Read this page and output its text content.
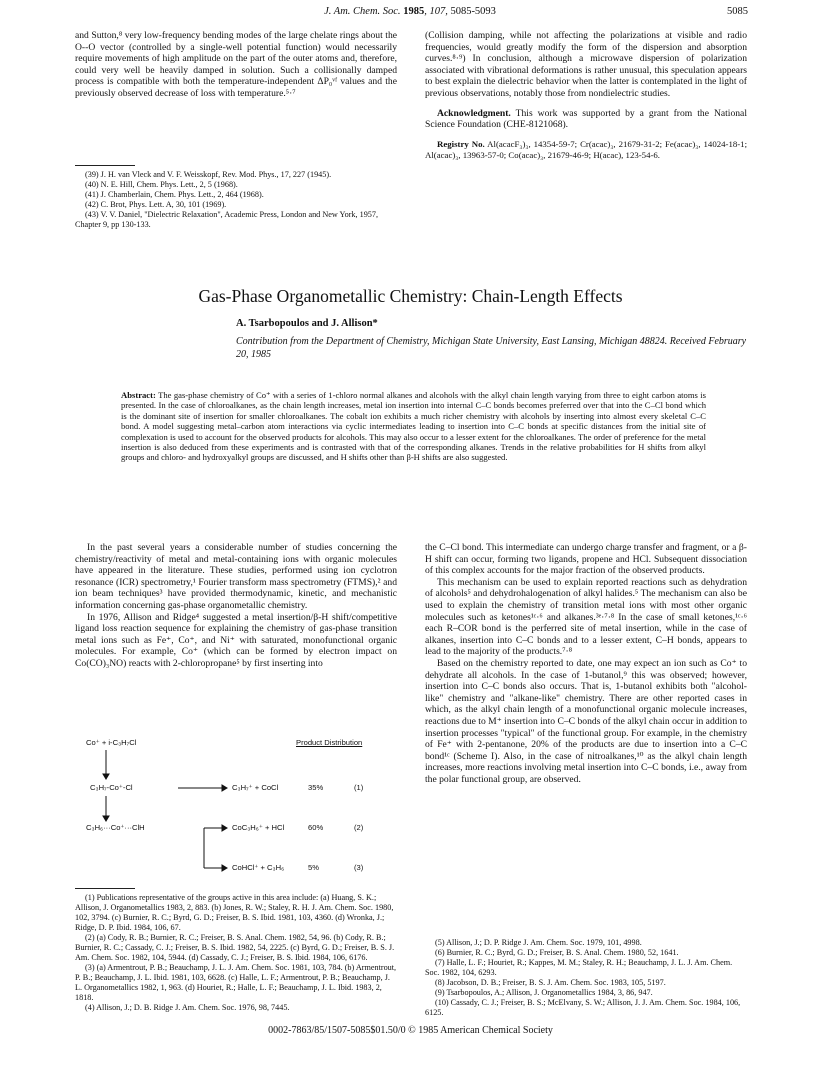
J. Am. Chem. Soc. 1985, 107, 5085-5093	5085

and Sutton,⁸ very low-frequency bending modes of the large chelate rings about the O--O vector (controlled by a single-well potential function) would necessarily require movements of high amplitude on the part of the outer atoms and, therefore, could very well be heavily damped in solution. Such a collisionally damped process is compatible with both the temperature-independent ΔP₀ᵛᶠ values and the previously observed decrease of loss with temperature.⁵·⁷

(39) J. H. van Vleck and V. F. Weisskopf, Rev. Mod. Phys., 17, 227 (1945).
(40) N. E. Hill, Chem. Phys. Lett., 2, 5 (1968).
(41) J. Chamberlain, Chem. Phys. Lett., 2, 464 (1968).
(42) C. Brot, Phys. Lett. A, 30, 101 (1969).
(43) V. V. Daniel, "Dielectric Relaxation", Academic Press, London and New York, 1957, Chapter 9, pp 130-133.

(Collision damping, while not affecting the polarizations at visible and radio frequencies, would greatly modify the form of the dispersion and absorption curves.⁸·⁹) In conclusion, although a microwave dispersion of polarization associated with vibrational deformations is rather unusual, this speculation appears to best explain the dielectric behavior when the latter is contemplated in the light of previous observations, notably those from nondielectric studies.

Acknowledgment. This work was supported by a grant from the National Science Foundation (CHE-8121068).

Registry No. Al(acacF₃)₃, 14354-59-7; Cr(acac)₃, 21679-31-2; Fe(acac)₃, 14024-18-1; Al(acac)₃, 13963-57-0; Co(acac)₃, 21679-46-9; H(acac), 123-54-6.

Gas-Phase Organometallic Chemistry: Chain-Length Effects
A. Tsarbopoulos and J. Allison*
Contribution from the Department of Chemistry, Michigan State University, East Lansing, Michigan 48824. Received February 20, 1985
Abstract: The gas-phase chemistry of Co⁺ with a series of 1-chloro normal alkanes and alcohols with the alkyl chain length varying from three to eight carbon atoms is presented. In the case of chloroalkanes, as the chain length increases, metal ion insertion into internal C–C bonds becomes preferred over that into the C–Cl bond which is the dominant site of insertion for smaller chloroalkanes. The cobalt ion exhibits a much richer chemistry with alcohols by inserting into almost every skeletal C–C bond. A model suggesting metal–carbon atom interactions via cyclic intermediates leading to insertion into C–C bonds at specific distances from the initial site of complexation is used to account for the observed products for alcohols. This may also occur to a lesser extent for the chloroalkanes. The order of preference for the metal insertion is also deduced from these experiments and is contrasted with that of the corresponding alkanes. Trends in the relative probabilities for H shifts from alkyl groups and chloro- and hydroxyalkyl groups are discussed, and H shifts other than β-H shifts are also suggested.

In the past several years a considerable number of studies concerning the chemistry/reactivity of metal and metal-containing ions with organic molecules have appeared in the literature. These studies, performed using ion cyclotron resonance (ICR) spectrometry,¹ Fourier transform mass spectrometry (FTMS),² and ion beam techniques³ have provided thermodynamic, kinetic, and mechanistic information concerning gas-phase organometallic chemistry.

In 1976, Allison and Ridge⁴ suggested a metal insertion/β-H shift/competitive ligand loss reaction sequence for explaining the chemistry of gas-phase transition metal ions such as Fe⁺, Co⁺, and Ni⁺ with saturated, monofunctional organic molecules. For example, Co⁺ (which can be formed by electron impact on Co(CO)₃NO) reacts with 2-chloropropane⁵ by first inserting into

Co⁺ + i-C₃H₇Cl	Product Distribution
C₃H₇-Co⁺-Cl	C₃H₇⁺ + CoCl	35%	(1)
C₃H₆···Co⁺···ClH	CoC₃H₆⁺ + HCl	60%	(2)
CoHCl⁺ + C₃H₆	5%	(3)
(1) Publications representative of the groups active in this area include: (a) Huang, S. K.; Allison, J. Organometallics 1983, 2, 883. (b) Jones, R. W.; Staley, R. H. J. Am. Chem. Soc. 1980, 102, 3794. (c) Burnier, R. C.; Byrd, G. D.; Freiser, B. S. Ibid. 1981, 103, 4360. (d) Wronka, J.; Ridge, D. P. Ibid. 1984, 106, 67.
(2) (a) Cody, R. B.; Burnier, R. C.; Freiser, B. S. Anal. Chem. 1982, 54, 96. (b) Cody, R. B.; Burnier, R. C.; Cassady, C. J.; Freiser, B. S. Ibid. 1982, 54, 2225. (c) Byrd, G. D.; Freiser, B. S. J. Am. Chem. Soc. 1982, 104, 5944. (d) Cassady, C. J.; Freiser, B. S. Ibid. 1984, 106, 6176.
(3) (a) Armentrout, P. B.; Beauchamp, J. L. J. Am. Chem. Soc. 1981, 103, 784. (b) Armentrout, P. B.; Beauchamp, J. L. Ibid. 1981, 103, 6628. (c) Halle, L. F.; Armentrout, P. B.; Beauchamp, J. L. Organometallics 1982, 1, 963. (d) Houriet, R.; Halle, L. F.; Beauchamp, J. L. Ibid. 1983, 2, 1818.
(4) Allison, J.; D. B. Ridge J. Am. Chem. Soc. 1976, 98, 7445.

the C–Cl bond. This intermediate can undergo charge transfer and fragment, or a β-H shift can occur, forming two ligands, propene and HCl. Subsequent dissociation of this complex accounts for the major fraction of the observed products.

This mechanism can be used to explain reported reactions such as dehydration of alcohols⁵ and dehydrohalogenation of alkyl halides.⁵ The mechanism can also be used to explain the chemistry of transition metal ions with most other organic molecules such as ketones¹ᶜ·⁶ and alkanes.³ᵉ·⁷·⁸ In the case of small ketones,¹ᶜ·⁶ each R–COR bond is the perferred site of metal insertion, while in the case of alkanes, insertion into C–C bonds and to a lesser extent, C–H bonds, appears to lead to the majority of the products.⁷·⁸

Based on the chemistry reported to date, one may expect an ion such as Co⁺ to dehydrate all alcohols. In the case of 1-butanol,⁹ this was observed; however, insertion into C–C bonds also occurs. That is, 1-butanol exhibits both "alcohol-like" chemistry and "alkane-like" chemistry. There are other reported cases in which, as the alkyl chain length of a monofunctional organic molecule increases, reactions due to M⁺ insertion into C–C bonds of the alkyl chain occur in addition to insertion processes "typical" of the functional group. For example, in the chemistry of Fe⁺ with 2-pentanone, 20% of the products are due to insertion into a C–C bond¹ᶜ (Scheme I). Also, in the case of nitroalkanes,¹⁰ as the alkyl chain length increases, more reactions involving metal insertion into C–C bonds, i.e., away from the polar functional group, are observed.

(5) Allison, J.; D. P. Ridge J. Am. Chem. Soc. 1979, 101, 4998.
(6) Burnier, R. C.; Byrd, G. D.; Freiser, B. S. Anal. Chem. 1980, 52, 1641.
(7) Halle, L. F.; Houriet, R.; Kappes, M. M.; Staley, R. H.; Beauchamp, J. L. J. Am. Chem. Soc. 1982, 104, 6293.
(8) Jacobson, D. B.; Freiser, B. S. J. Am. Chem. Soc. 1983, 105, 5197.
(9) Tsarbopoulos, A.; Allison, J. Organometallics 1984, 3, 86, 947.
(10) Cassady, C. J.; Freiser, B. S.; McElvany, S. W.; Allison, J. J. Am. Chem. Soc. 1984, 106, 6125.
0002-7863/85/1507-5085$01.50/0 © 1985 American Chemical Society
